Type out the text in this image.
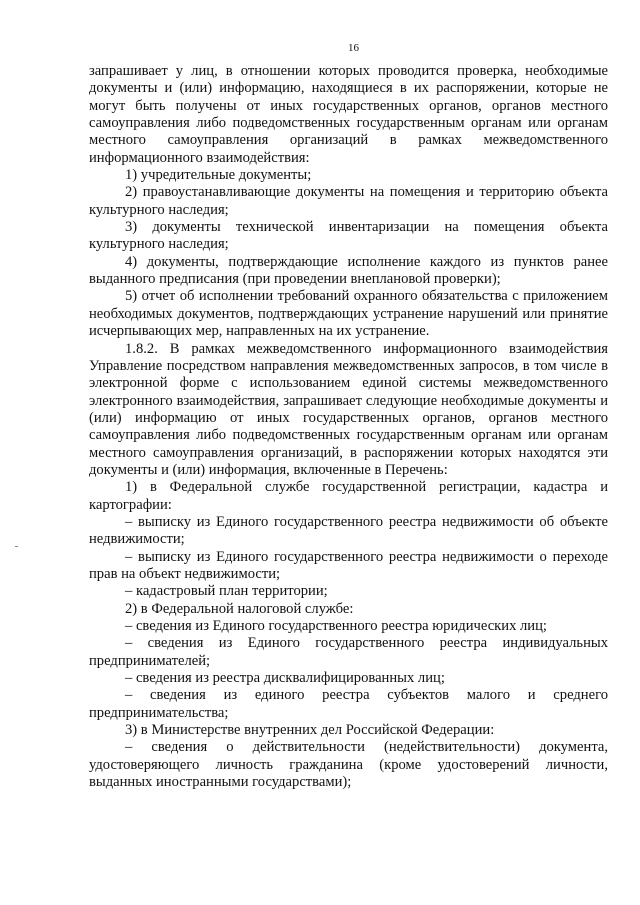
16

запрашивает у лиц, в отношении которых проводится проверка, необходимые документы и (или) информацию, находящиеся в их распоряжении, которые не могут быть получены от иных государственных органов, органов местного самоуправления либо подведомственных государственным органам или органам местного самоуправления организаций в рамках межведомственного информационного взаимодействия:

1) учредительные документы;

2) правоустанавливающие документы на помещения и территорию объекта культурного наследия;

3) документы технической инвентаризации на помещения объекта культурного наследия;

4) документы, подтверждающие исполнение каждого из пунктов ранее выданного предписания (при проведении внеплановой проверки);

5) отчет об исполнении требований охранного обязательства с приложением необходимых документов, подтверждающих устранение нарушений или принятие исчерпывающих мер, направленных на их устранение.

1.8.2. В рамках межведомственного информационного взаимодействия Управление посредством направления межведомственных запросов, в том числе в электронной форме с использованием единой системы межведомственного электронного взаимодействия, запрашивает следующие необходимые документы и (или) информацию от иных государственных органов, органов местного самоуправления либо подведомственных государственным органам или органам местного самоуправления организаций, в распоряжении которых находятся эти документы и (или) информация, включенные в Перечень:

1) в Федеральной службе государственной регистрации, кадастра и картографии:

– выписку из Единого государственного реестра недвижимости об объекте недвижимости;

– выписку из Единого государственного реестра недвижимости о переходе прав на объект недвижимости;

– кадастровый план территории;

2) в Федеральной налоговой службе:

– сведения из Единого государственного реестра юридических лиц;

– сведения из Единого государственного реестра индивидуальных предпринимателей;

– сведения из реестра дисквалифицированных лиц;

– сведения из единого реестра субъектов малого и среднего предпринимательства;

3) в Министерстве внутренних дел Российской Федерации:

– сведения о действительности (недействительности) документа, удостоверяющего личность гражданина (кроме удостоверений личности, выданных иностранными государствами);
